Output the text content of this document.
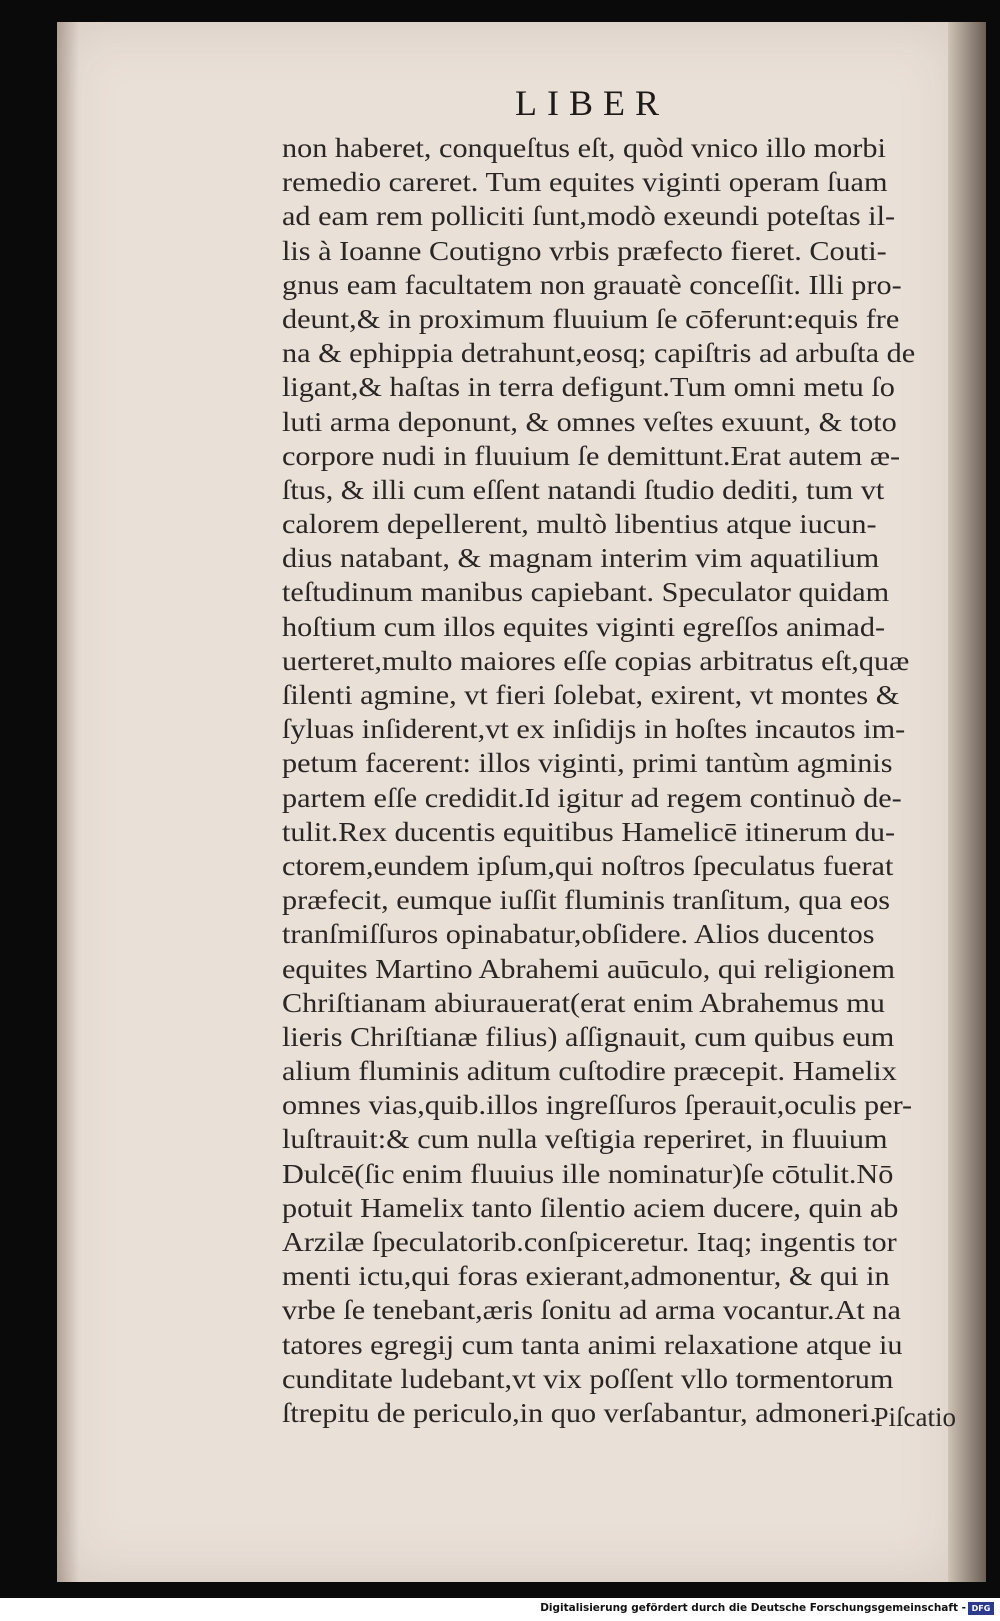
LIBER
non haberet, conqueſtus eſt, quòd vnico illo morbi
remedio careret. Tum equites viginti operam ſuam
ad eam rem polliciti ſunt,modò exeundi poteſtas il-
lis à Ioanne Coutigno vrbis præfecto fieret. Couti-
gnus eam facultatem non grauatè conceſſit. Illi pro-
deunt,& in proximum fluuium ſe cōferunt:equis fre
na & ephippia detrahunt,eosq; capiſtris ad arbuſta de
ligant,& haſtas in terra defigunt.Tum omni metu ſo
luti arma deponunt, & omnes veſtes exuunt, & toto
corpore nudi in fluuium ſe demittunt.Erat autem æ-
ſtus, & illi cum eſſent natandi ſtudio dediti, tum vt
calorem depellerent, multò libentius atque iucun-
dius natabant, & magnam interim vim aquatilium
teſtudinum manibus capiebant. Speculator quidam
hoſtium cum illos equites viginti egreſſos animad-
uerteret,multo maiores eſſe copias arbitratus eſt,quæ
ſilenti agmine, vt fieri ſolebat, exirent, vt montes &
ſyluas inſiderent,vt ex inſidijs in hoſtes incautos im-
petum facerent: illos viginti, primi tantùm agminis
partem eſſe credidit.Id igitur ad regem continuò de-
tulit.Rex ducentis equitibus Hamelicē itinerum du-
ctorem,eundem ipſum,qui noſtros ſpeculatus fuerat
præfecit, eumque iuſſit fluminis tranſitum, qua eos
tranſmiſſuros opinabatur,obſidere. Alios ducentos
equites Martino Abrahemi auūculo, qui religionem
Chriſtianam abiurauerat(erat enim Abrahemus mu
lieris Chriſtianæ filius) aſſignauit, cum quibus eum
alium fluminis aditum cuſtodire præcepit. Hamelix
omnes vias,quib.illos ingreſſuros ſperauit,oculis per-
luſtrauit:& cum nulla veſtigia reperiret, in fluuium
Dulcē(ſic enim fluuius ille nominatur)ſe cōtulit.Nō
potuit Hamelix tanto ſilentio aciem ducere, quin ab
Arzilæ ſpeculatorib.conſpiceretur. Itaq; ingentis tor
menti ictu,qui foras exierant,admonentur, & qui in
vrbe ſe tenebant,æris ſonitu ad arma vocantur.At na
tatores egregij cum tanta animi relaxatione atque iu
cunditate ludebant,vt vix poſſent vllo tormentorum
ſtrepitu de periculo,in quo verſabantur, admoneri.
Piſcatio
Digitalisierung gefördert durch die Deutsche Forschungsgemeinschaft - DFG
